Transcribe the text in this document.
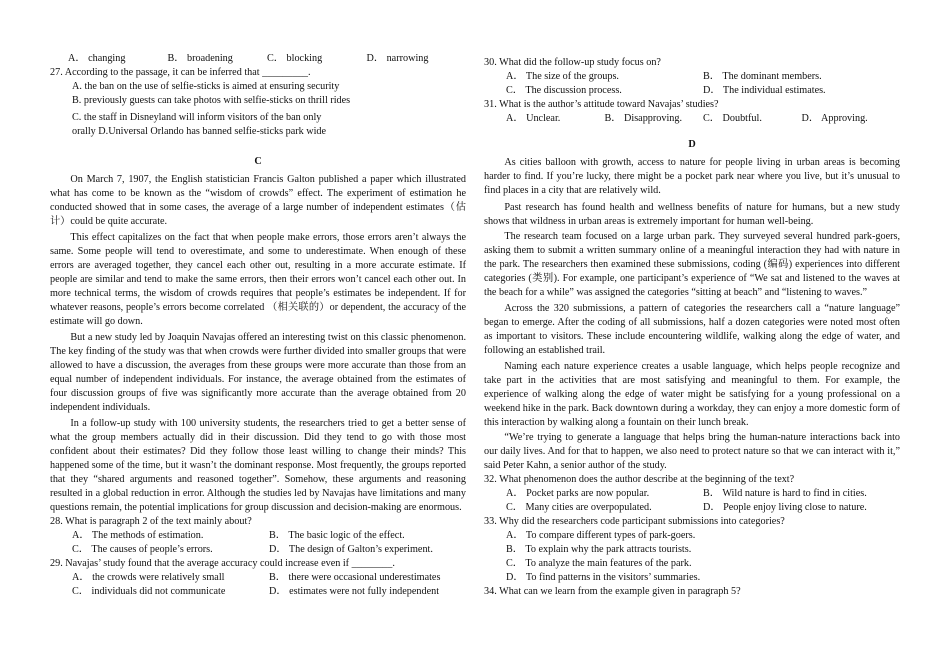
A． changing	B． broadening	C． blocking	D． narrowing

27. According to the passage, it can be inferred that _________.

A. the ban on the use of selfie-sticks is aimed at ensuring security

B. previously guests can take photos with selfie-sticks on thrill rides

C. the staff in Disneyland will inform visitors of the ban only

orally D.Universal Orlando has banned selfie-sticks park wide

C

On March 7, 1907, the English statistician Francis Galton published a paper which illustrated what has come to be known as the “wisdom of crowds” effect. The experiment of estimation he conducted showed that in some cases, the average of a large number of independent estimates（估计）could be quite accurate.

This effect capitalizes on the fact that when people make errors, those errors aren’t always the same. Some people will tend to overestimate, and some to underestimate. When enough of these errors are averaged together, they cancel each other out, resulting in a more accurate estimate. If people are similar and tend to make the same errors, then their errors won’t cancel each other out. In more technical terms, the wisdom of crowds requires that people’s estimates be independent. If for whatever reasons, people’s errors become correlated （相关联的）or dependent, the accuracy of the estimate will go down.

But a new study led by Joaquin Navajas offered an interesting twist on this classic phenomenon. The key finding of the study was that when crowds were further divided into smaller groups that were allowed to have a discussion, the averages from these groups were more accurate than those from an equal number of independent individuals. For instance, the average obtained from the estimates of four discussion groups of five was significantly more accurate than the average obtained from 20 independent individuals.

In a follow-up study with 100 university students, the researchers tried to get a better sense of what the group members actually did in their discussion. Did they tend to go with those most confident about their estimates? Did they follow those least willing to change their minds? This happened some of the time, but it wasn’t the dominant response. Most frequently, the groups reported that they “shared arguments and reasoned together”. Somehow, these arguments and reasoning resulted in a global reduction in error. Although the studies led by Navajas have limitations and many questions remain, the potential implications for group discussion and decision-making are enormous.

28. What is paragraph 2 of the text mainly about?

A． The methods of estimation.	B． The basic logic of the effect.
C． The causes of people’s errors.	D． The design of Galton’s experiment.

29. Navajas’ study found that the average accuracy could increase even if ________.

A． the crowds were relatively small	B． there were occasional underestimates
C． individuals did not communicate	D． estimates were not fully independent

30. What did the follow-up study focus on?

A． The size of the groups.	B． The dominant members.
C． The discussion process.	D． The individual estimates.

31. What is the author’s attitude toward Navajas’ studies?

A． Unclear.	B． Disapproving.	C． Doubtful.	D． Approving.

D

As cities balloon with growth, access to nature for people living in urban areas is becoming harder to find. If you’re lucky, there might be a pocket park near where you live, but it’s unusual to find places in a city that are relatively wild.

Past research has found health and wellness benefits of nature for humans, but a new study shows that wildness in urban areas is extremely important for human well-being.

The research team focused on a large urban park. They surveyed several hundred park-goers, asking them to submit a written summary online of a meaningful interaction they had with nature in the park. The researchers then examined these submissions, coding (编码) experiences into different categories (类别). For example, one participant’s experience of “We sat and listened to the waves at the beach for a while” was assigned the categories “sitting at beach” and “listening to waves.”

Across the 320 submissions, a pattern of categories the researchers call a “nature language” began to emerge. After the coding of all submissions, half a dozen categories were noted most often as important to visitors. These include encountering wildlife, walking along the edge of water, and following an established trail.

Naming each nature experience creates a usable language, which helps people recognize and take part in the activities that are most satisfying and meaningful to them. For example, the experience of walking along the edge of water might be satisfying for a young professional on a weekend hike in the park. Back downtown during a workday, they can enjoy a more domestic form of this interaction by walking along a fountain on their lunch break.

“We’re trying to generate a language that helps bring the human-nature interactions back into our daily lives. And for that to happen, we also need to protect nature so that we can interact with it,” said Peter Kahn, a senior author of the study.

32. What phenomenon does the author describe at the beginning of the text?

A． Pocket parks are now popular.	B． Wild nature is hard to find in cities.
C． Many cities are overpopulated.	D． People enjoy living close to nature.

33. Why did the researchers code participant submissions into categories?

A． To compare different types of park-goers.

B． To explain why the park attracts tourists.

C． To analyze the main features of the park.

D． To find patterns in the visitors’ summaries.

34. What can we learn from the example given in paragraph 5?
